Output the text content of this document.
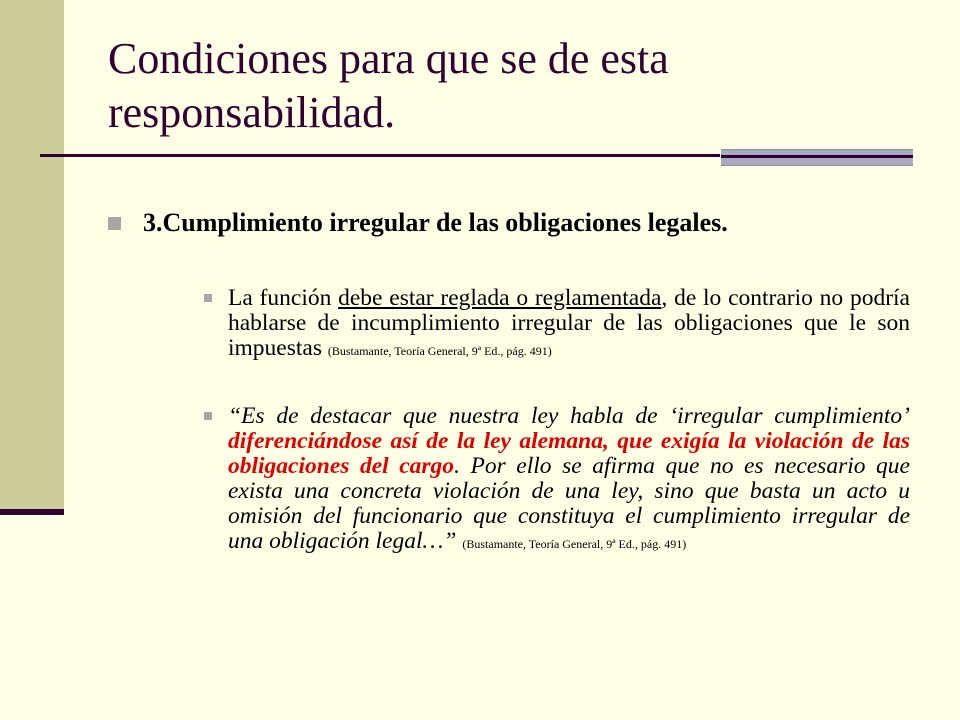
Condiciones para que se de esta responsabilidad.
3.Cumplimiento irregular de las obligaciones legales.
La función debe estar reglada o reglamentada, de lo contrario no podría hablarse de incumplimiento irregular de las obligaciones que le son impuestas (Bustamante, Teoría General, 9ª Ed., pág. 491)
“Es de destacar que nuestra ley habla de ‘irregular cumplimiento’ diferenciándose así de la ley alemana, que exigía la violación de las obligaciones del cargo. Por ello se afirma que no es necesario que exista una concreta violación de una ley, sino que basta un acto u omisión del funcionario que constituya el cumplimiento irregular de una obligación legal…” (Bustamante, Teoría General, 9ª Ed., pág. 491)
